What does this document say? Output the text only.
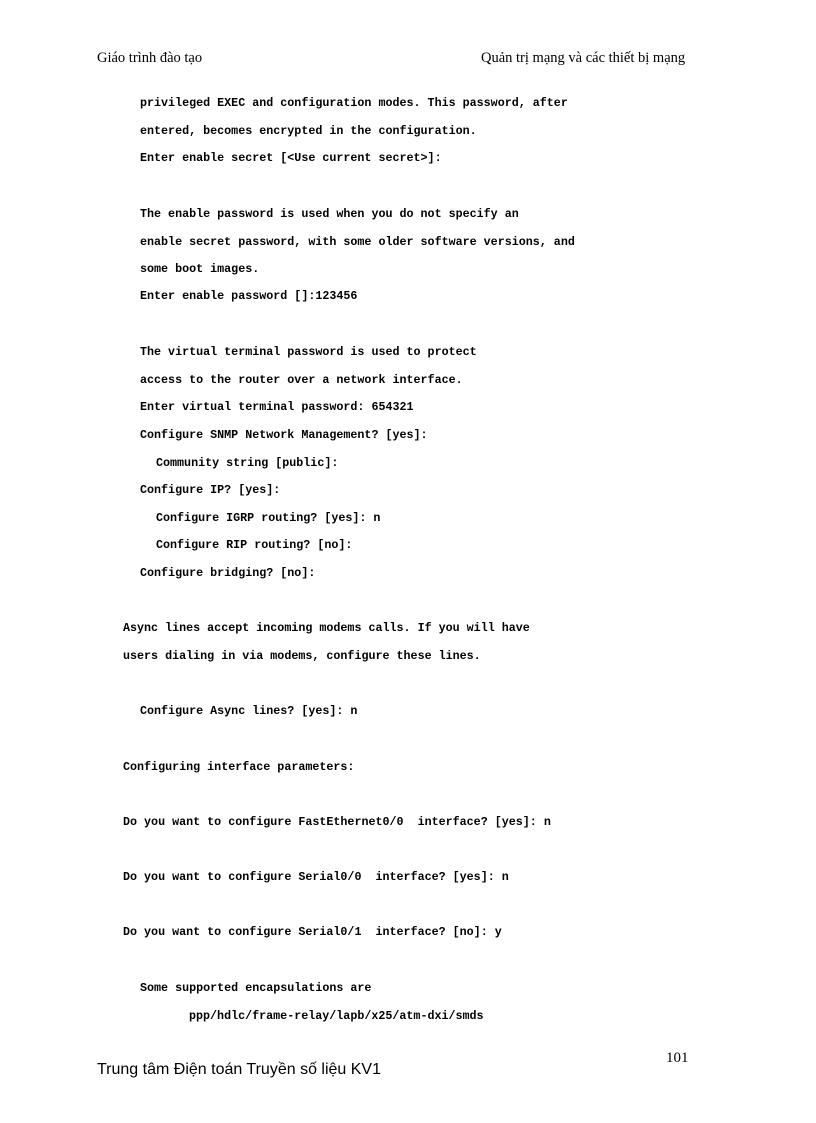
Giáo trình đào tạo	Quản trị mạng và các thiết bị mạng
privileged EXEC and configuration modes. This password, after
entered, becomes encrypted in the configuration.
Enter enable secret [<Use current secret>]:
The enable password is used when you do not specify an
enable secret password, with some older software versions, and
some boot images.
Enter enable password []:123456
The virtual terminal password is used to protect
access to the router over a network interface.
Enter virtual terminal password: 654321
Configure SNMP Network Management? [yes]:
Community string [public]:
Configure IP? [yes]:
Configure IGRP routing? [yes]: n
Configure RIP routing? [no]:
Configure bridging? [no]:
Async lines accept incoming modems calls. If you will have
users dialing in via modems, configure these lines.
Configure Async lines? [yes]: n
Configuring interface parameters:
Do you want to configure FastEthernet0/0  interface? [yes]: n
Do you want to configure Serial0/0  interface? [yes]: n
Do you want to configure Serial0/1  interface? [no]: y
Some supported encapsulations are
ppp/hdlc/frame-relay/lapb/x25/atm-dxi/smds
101
Trung tâm Điện toán Truyền số liệu KV1
